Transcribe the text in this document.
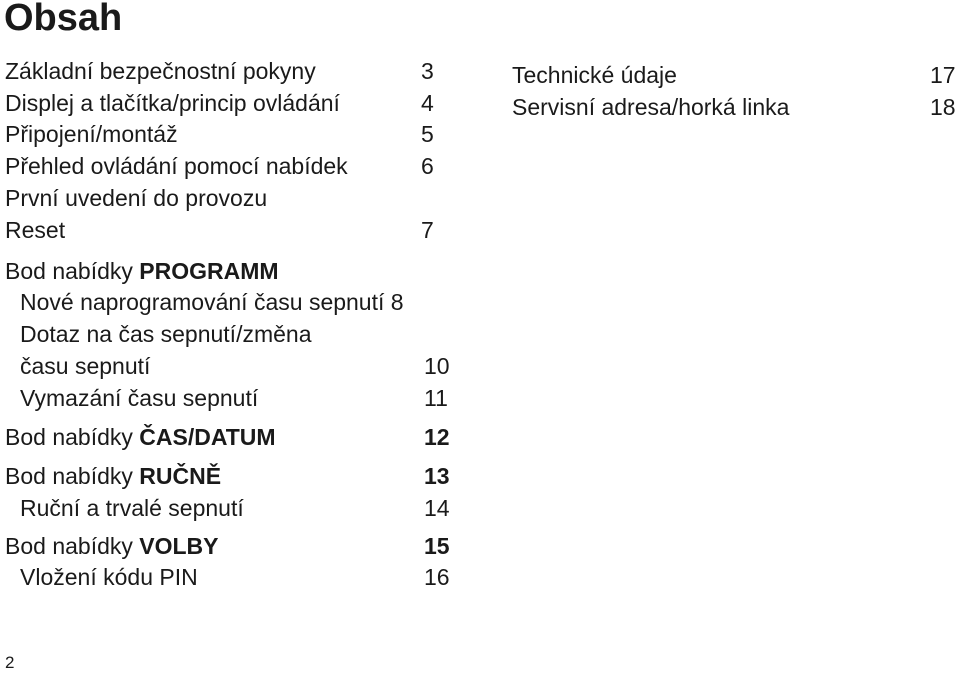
Obsah
Základní bezpečnostní pokyny	3
Displej a tlačítka/princip ovládání	4
Připojení/montáž	5
Přehled ovládání pomocí nabídek	6
První uvedení do provozu
Reset	7
Bod nabídky PROGRAMM
Nové naprogramování času sepnutí 8
Dotaz na čas sepnutí/změna
času sepnutí	10
Vymazání času sepnutí	11
Bod nabídky ČAS/DATUM	12
Bod nabídky RUČNĚ	13
Ruční a trvalé sepnutí	14
Bod nabídky VOLBY	15
Vložení kódu PIN	16
Technické údaje	17
Servisní adresa/horká linka	18
2
